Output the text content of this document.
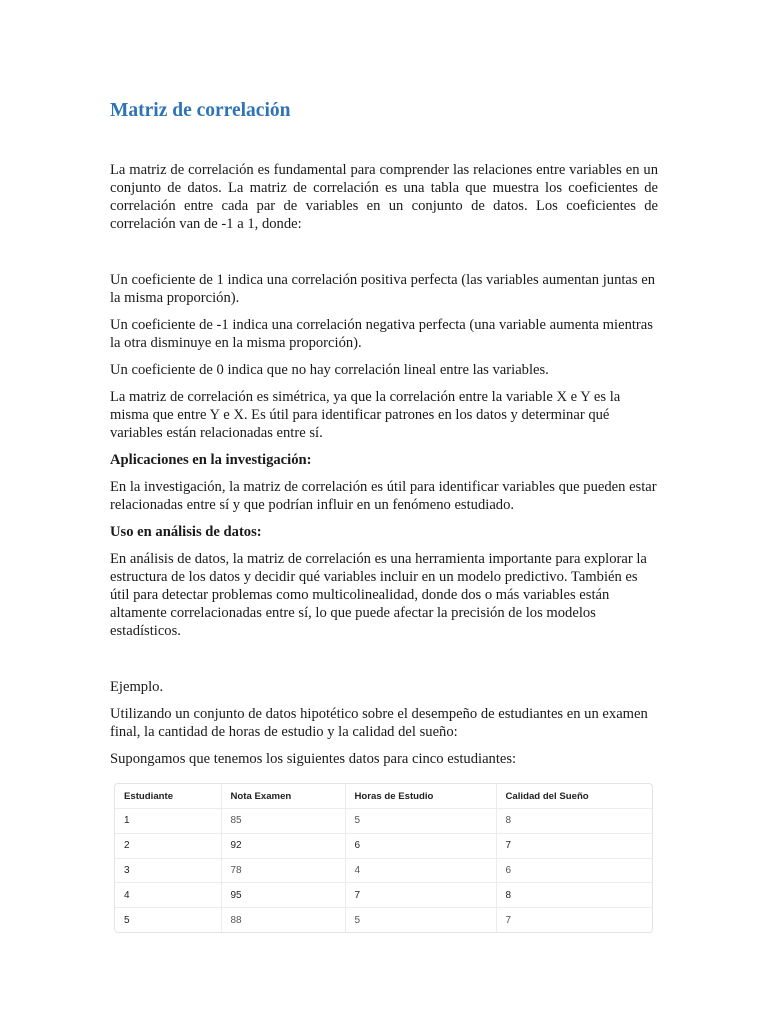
Matriz de correlación

La matriz de correlación es fundamental para comprender las relaciones entre variables en un conjunto de datos. La matriz de correlación es una tabla que muestra los coeficientes de correlación entre cada par de variables en un conjunto de datos. Los coeficientes de correlación van de -1 a 1, donde:

Un coeficiente de 1 indica una correlación positiva perfecta (las variables aumentan juntas en la misma proporción).

Un coeficiente de -1 indica una correlación negativa perfecta (una variable aumenta mientras la otra disminuye en la misma proporción).

Un coeficiente de 0 indica que no hay correlación lineal entre las variables.

La matriz de correlación es simétrica, ya que la correlación entre la variable X e Y es la misma que entre Y e X. Es útil para identificar patrones en los datos y determinar qué variables están relacionadas entre sí.

Aplicaciones en la investigación:

En la investigación, la matriz de correlación es útil para identificar variables que pueden estar relacionadas entre sí y que podrían influir en un fenómeno estudiado.

Uso en análisis de datos:

En análisis de datos, la matriz de correlación es una herramienta importante para explorar la estructura de los datos y decidir qué variables incluir en un modelo predictivo. También es útil para detectar problemas como multicolinealidad, donde dos o más variables están altamente correlacionadas entre sí, lo que puede afectar la precisión de los modelos estadísticos.

Ejemplo.

Utilizando un conjunto de datos hipotético sobre el desempeño de estudiantes en un examen final, la cantidad de horas de estudio y la calidad del sueño:

Supongamos que tenemos los siguientes datos para cinco estudiantes:

Estudiante	Nota Examen	Horas de Estudio	Calidad del Sueño
1	85	5	8
2	92	6	7
3	78	4	6
4	95	7	8
5	88	5	7
